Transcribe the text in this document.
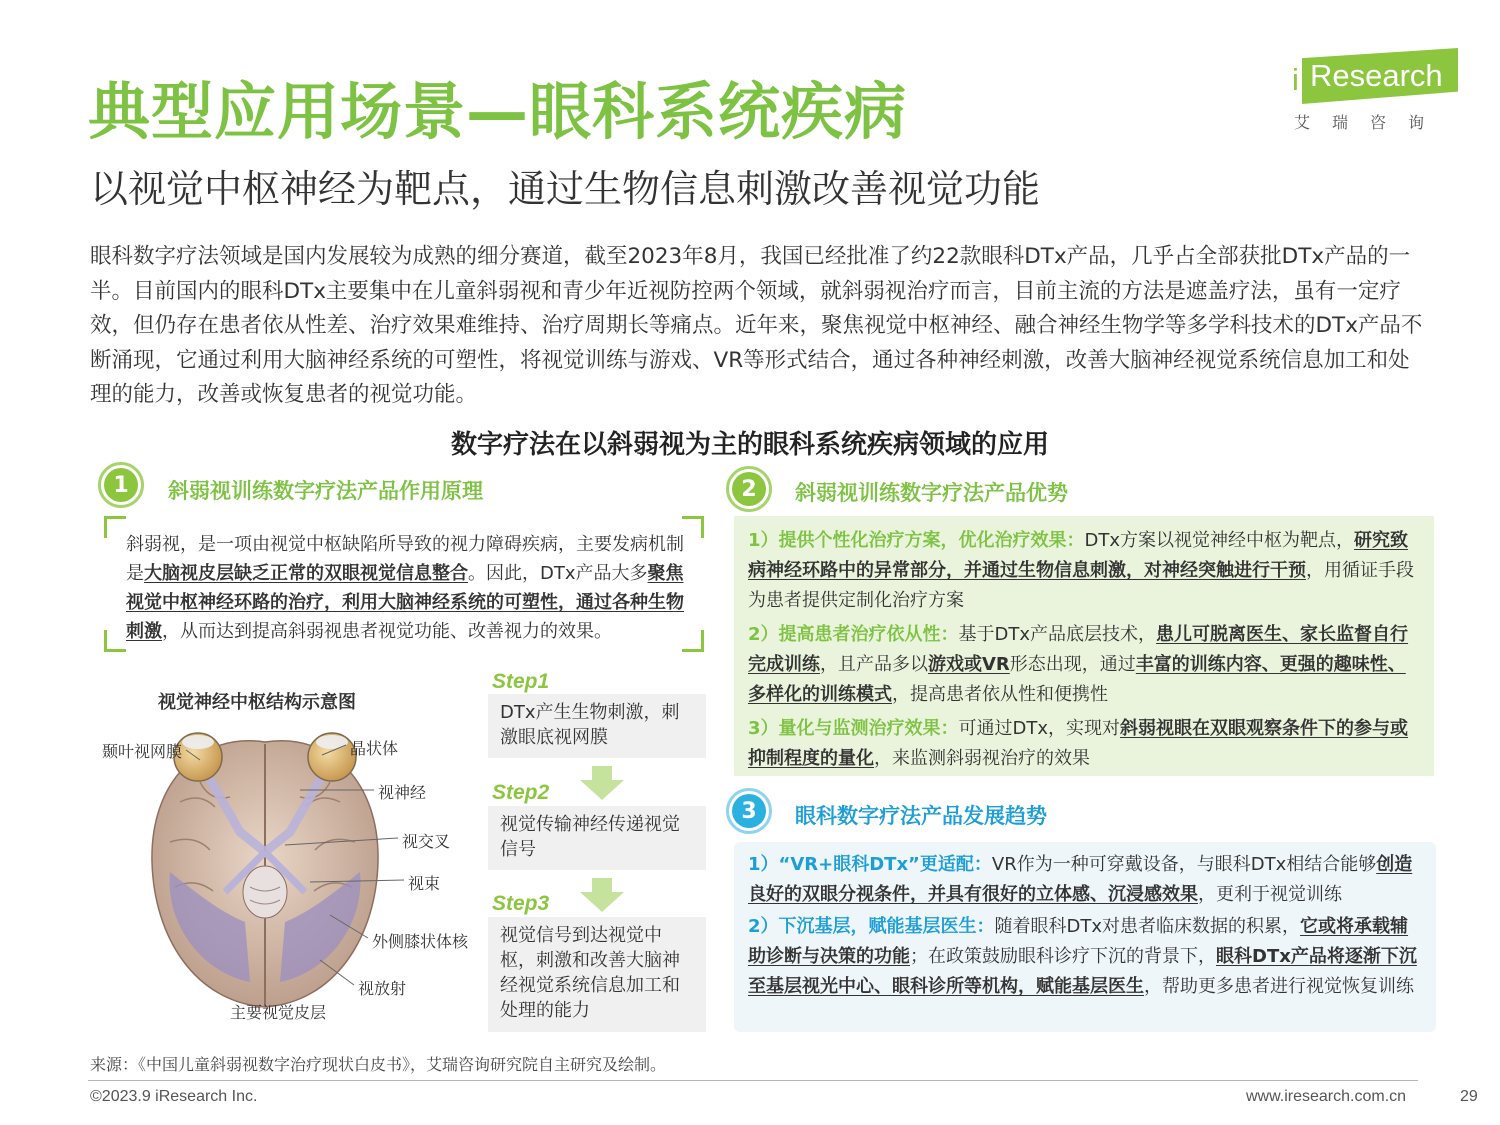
典型应用场景—眼科系统疾病
以视觉中枢神经为靶点，通过生物信息刺激改善视觉功能
i Research
艾瑞咨询
眼科数字疗法领域是国内发展较为成熟的细分赛道，截至2023年8月，我国已经批准了约22款眼科DTx产品，几乎占全部获批DTx产品的一半。目前国内的眼科DTx主要集中在儿童斜弱视和青少年近视防控两个领域，就斜弱视治疗而言，目前主流的方法是遮盖疗法，虽有一定疗效，但仍存在患者依从性差、治疗效果难维持、治疗周期长等痛点。近年来，聚焦视觉中枢神经、融合神经生物学等多学科技术的DTx产品不断涌现，它通过利用大脑神经系统的可塑性，将视觉训练与游戏、VR等形式结合，通过各种神经刺激，改善大脑神经视觉系统信息加工和处理的能力，改善或恢复患者的视觉功能。
数字疗法在以斜弱视为主的眼科系统疾病领域的应用
1	斜弱视训练数字疗法产品作用原理
斜弱视，是一项由视觉中枢缺陷所导致的视力障碍疾病，主要发病机制是大脑视皮层缺乏正常的双眼视觉信息整合。因此，DTx产品大多聚焦视觉中枢神经环路的治疗，利用大脑神经系统的可塑性，通过各种生物刺激，从而达到提高斜弱视患者视觉功能、改善视力的效果。
视觉神经中枢结构示意图
颞叶视网膜	晶状体
视神经
视交叉
视束
外侧膝状体核
视放射
主要视觉皮层
Step1
DTx产生生物刺激，刺激眼底视网膜
Step2
视觉传输神经传递视觉信号
Step3
视觉信号到达视觉中枢，刺激和改善大脑神经视觉系统信息加工和处理的能力
2	斜弱视训练数字疗法产品优势
1）提供个性化治疗方案，优化治疗效果：DTx方案以视觉神经中枢为靶点，研究致病神经环路中的异常部分，并通过生物信息刺激，对神经突触进行干预，用循证手段为患者提供定制化治疗方案
2）提高患者治疗依从性：基于DTx产品底层技术，患儿可脱离医生、家长监督自行完成训练，且产品多以游戏或VR形态出现，通过丰富的训练内容、更强的趣味性、多样化的训练模式，提高患者依从性和便携性
3）量化与监测治疗效果：可通过DTx，实现对斜弱视眼在双眼观察条件下的参与或抑制程度的量化，来监测斜弱视治疗的效果
3	眼科数字疗法产品发展趋势
1）“VR+眼科DTx”更适配：VR作为一种可穿戴设备，与眼科DTx相结合能够创造良好的双眼分视条件，并具有很好的立体感、沉浸感效果，更利于视觉训练
2）下沉基层，赋能基层医生：随着眼科DTx对患者临床数据的积累，它或将承载辅助诊断与决策的功能；在政策鼓励眼科诊疗下沉的背景下，眼科DTx产品将逐渐下沉至基层视光中心、眼科诊所等机构，赋能基层医生，帮助更多患者进行视觉恢复训练
来源：《中国儿童斜弱视数字治疗现状白皮书》，艾瑞咨询研究院自主研究及绘制。
©2023.9 iResearch Inc.	www.iresearch.com.cn	29
